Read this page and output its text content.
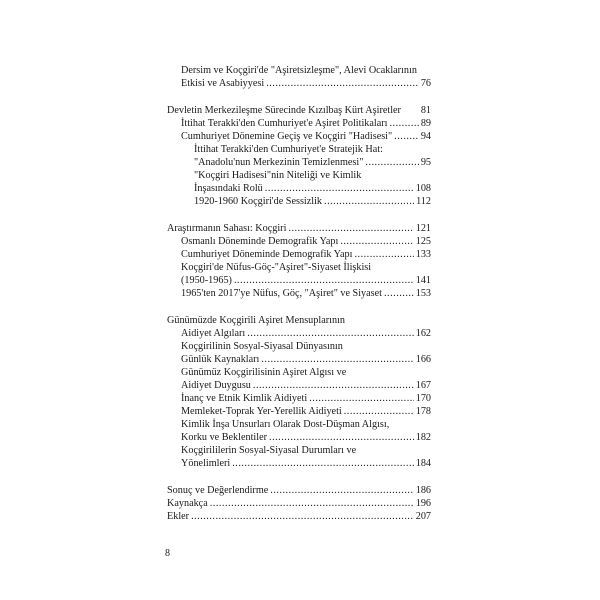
Dersim ve Koçgiri'de "Aşiretsizleşme", Alevi Ocaklarının
Etkisi ve Asabiyyesi .....	76
Devletin Merkezileşme Sürecinde Kızılbaş Kürt Aşiretler 81
İttihat Terakki'den Cumhuriyet'e Aşiret Politikaları .....	89
Cumhuriyet Dönemine Geçiş ve Koçgiri "Hadisesi" .....	94
İttihat Terakki'den Cumhuriyet'e Stratejik Hat:
"Anadolu'nun Merkezinin Temizlenmesi" .....	95
"Koçgiri Hadisesi"nin Niteliği ve Kimlik
İnşasındaki Rolü .....	108
1920-1960 Koçgiri'de Sessizlik .....	112
Araştırmanın Sahası: Koçgiri .....	121
Osmanlı Döneminde Demografik Yapı .....	125
Cumhuriyet Döneminde Demografik Yapı .....	133
Koçgiri'de Nüfus-Göç-"Aşiret"-Siyaset İlişkisi
(1950-1965) .....	141
1965'ten 2017'ye Nüfus, Göç, "Aşiret" ve Siyaset .....	153
Günümüzde Koçgirili Aşiret Mensuplarının
Aidiyet Algıları .....	162
Koçgirilinin Sosyal-Siyasal Dünyasının
Günlük Kaynakları .....	166
Günümüz Koçgirilisinin Aşiret Algısı ve
Aidiyet Duygusu .....	167
İnanç ve Etnik Kimlik Aidiyeti .....	170
Memleket-Toprak Yer-Yerellik Aidiyeti .....	178
Kimlik İnşa Unsurları Olarak Dost-Düşman Algısı,
Korku ve Beklentiler .....	182
Koçgirililerin Sosyal-Siyasal Durumları ve
Yönelimleri .....	184
Sonuç ve Değerlendirme .....	186
Kaynakça .....	196
Ekler .....	207
8
